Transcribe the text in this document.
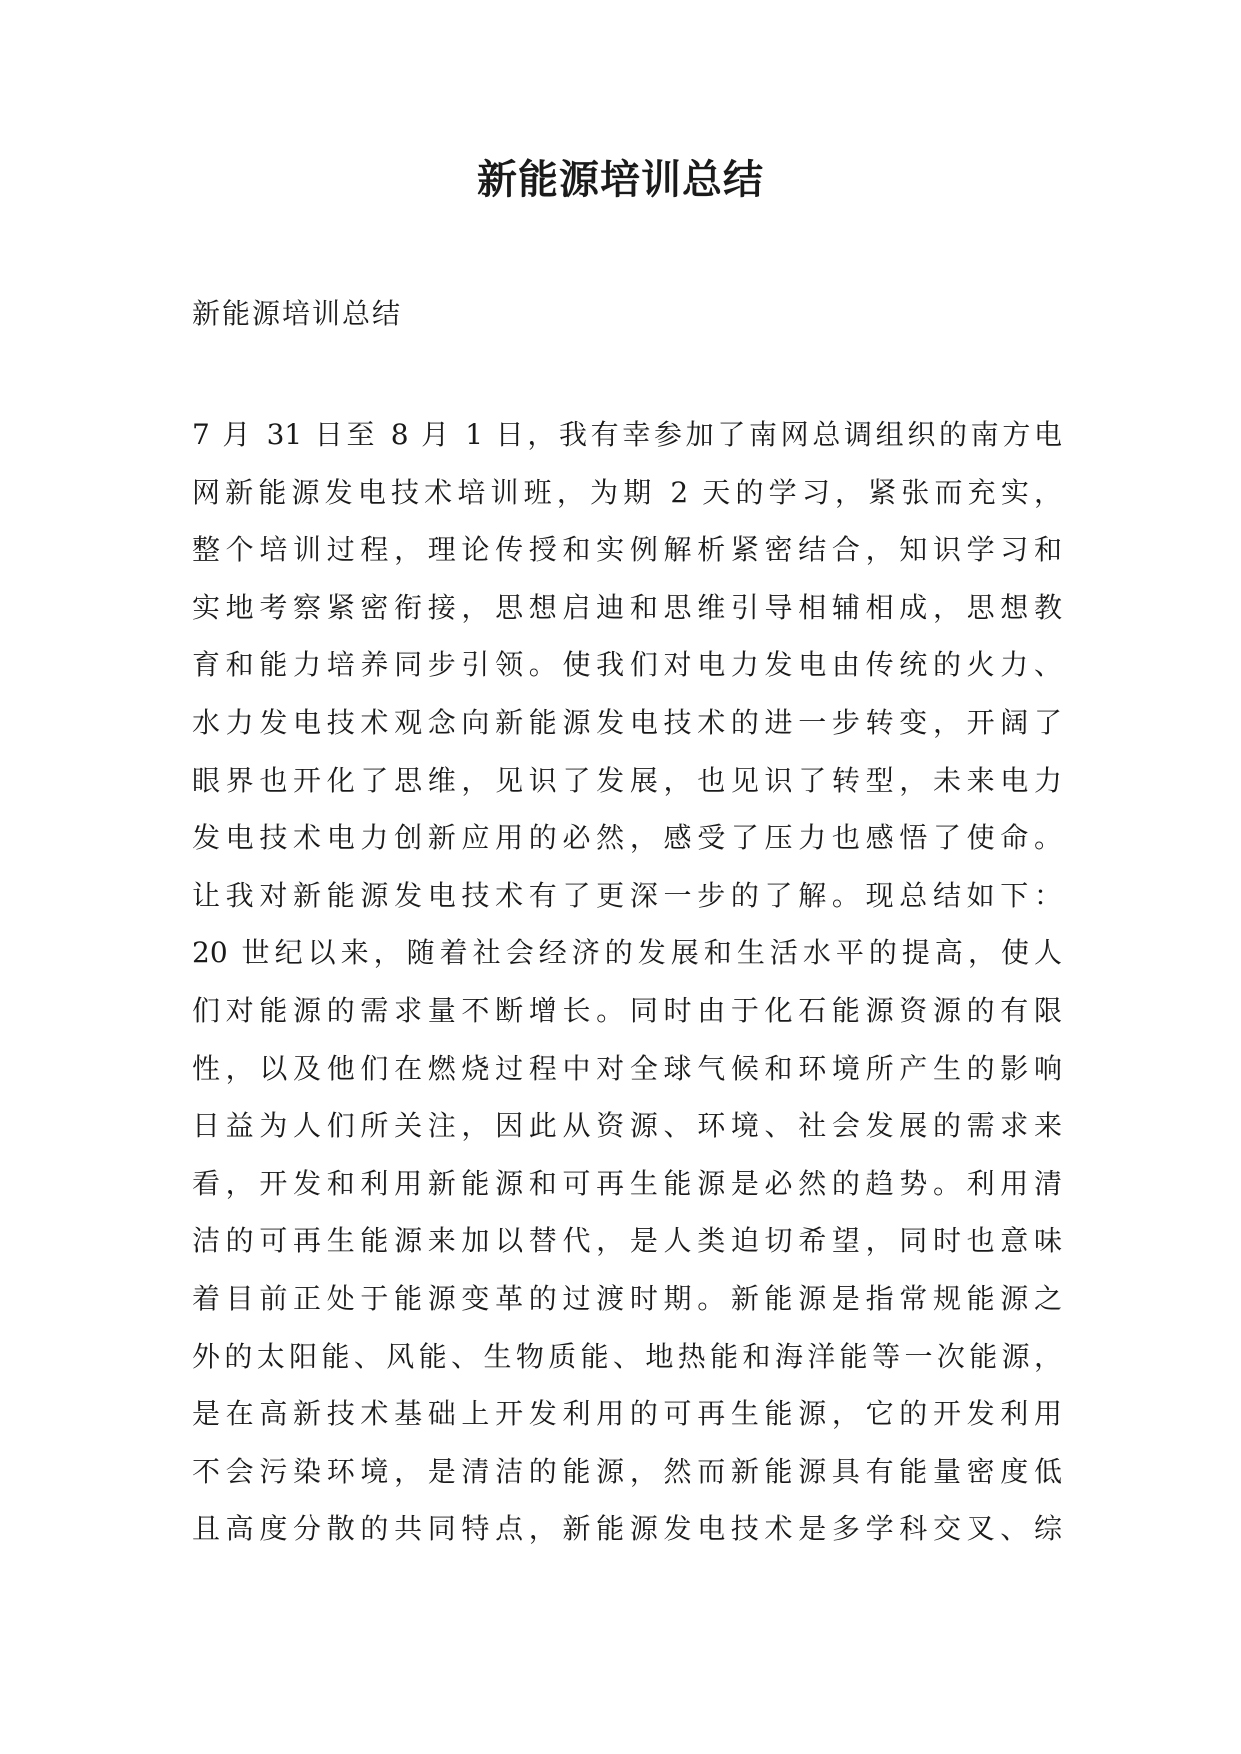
新能源培训总结

新能源培训总结

7 月 31 日至 8 月 1 日，我有幸参加了南网总调组织的南方电
网新能源发电技术培训班，为期 2 天的学习，紧张而充实，
整个培训过程，理论传授和实例解析紧密结合，知识学习和
实地考察紧密衔接，思想启迪和思维引导相辅相成，思想教
育和能力培养同步引领。使我们对电力发电由传统的火力、
水力发电技术观念向新能源发电技术的进一步转变，开阔了
眼界也开化了思维，见识了发展，也见识了转型，未来电力
发电技术电力创新应用的必然，感受了压力也感悟了使命。
让我对新能源发电技术有了更深一步的了解。现总结如下：
20 世纪以来，随着社会经济的发展和生活水平的提高，使人
们对能源的需求量不断增长。同时由于化石能源资源的有限
性，以及他们在燃烧过程中对全球气候和环境所产生的影响
日益为人们所关注，因此从资源、环境、社会发展的需求来
看，开发和利用新能源和可再生能源是必然的趋势。利用清
洁的可再生能源来加以替代，是人类迫切希望，同时也意味
着目前正处于能源变革的过渡时期。新能源是指常规能源之
外的太阳能、风能、生物质能、地热能和海洋能等一次能源，
是在高新技术基础上开发利用的可再生能源，它的开发利用
不会污染环境，是清洁的能源，然而新能源具有能量密度低
且高度分散的共同特点，新能源发电技术是多学科交叉、综
